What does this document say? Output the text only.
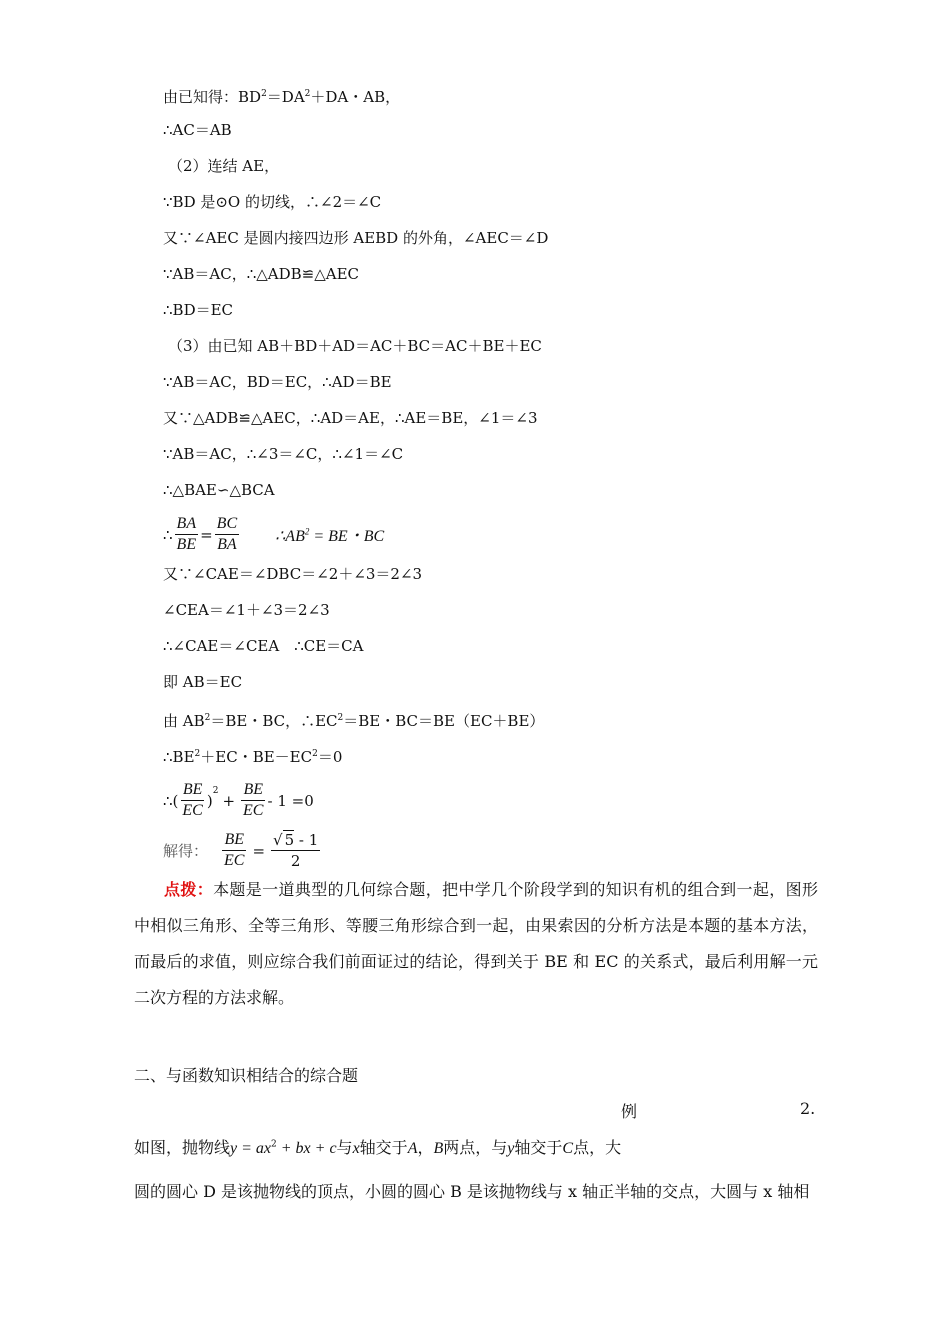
由已知得：$BD^2=DA^2+DA$・AB，
∴AC＝AB
（2）连结 AE，
∵BD 是⊙O 的切线，∴∠2＝∠C
又∵∠AEC 是圆内接四边形 AEBD 的外角，∠AEC＝∠D
∵AB＝AC，∴△ADB≌△AEC
∴BD＝EC
（3）由已知 AB＋BD＋AD＝AC＋BC＝AC＋BE＋EC
∵AB＝AC，BD＝EC，∴AD＝BE
又∵△ADB≌△AEC，∴AD＝AE，∴AE＝BE，∠1＝∠3
∵AB＝AC，∴∠3＝∠C，∴∠1＝∠C
∴△BAE∽△BCA
∴ $\frac{BA}{BE} = \frac{BC}{BA}$ $\therefore AB^2$ = BE・BC
又∵∠CAE＝∠DBC＝∠2＋∠3＝2∠3
∠CEA＝∠1＋∠3＝2∠3
∴∠CAE＝∠CEA　∴CE＝CA
即 AB＝EC
由 $AB^2=BE$・BC，$\therefore EC^2=BE$・BC＝BE（EC＋BE）
$\therefore BE^2+EC$・$BE-EC^2=0$
∴( $\frac{BE}{EC}$ )
$^2$
+ $\frac{BE}{EC} - 1 =0$
解得： $\frac{BE}{EC} = \frac{√ 5 - 1}{2}$
点拨：本题是一道典型的几何综合题，把中学几个阶段学到的知识有机的组合到一起，图形中相似三角形、全等三角形、等腰三角形综合到一起，由果索因的分析方法是本题的基本方法，而最后的求值，则应综合我们前面证过的结论，得到关于 BE 和 EC 的关系式，最后利用解一元二次方程的方法求解。
二、与函数知识相结合的综合题
例	2.
如图，抛物线$y = ax^2$ + bx + c与x轴交于A，B两点，与y轴交于C点，大
圆的圆心 D 是该抛物线的顶点，小圆的圆心 B 是该抛物线与 x 轴正半轴的交点，大圆与 x 轴相
